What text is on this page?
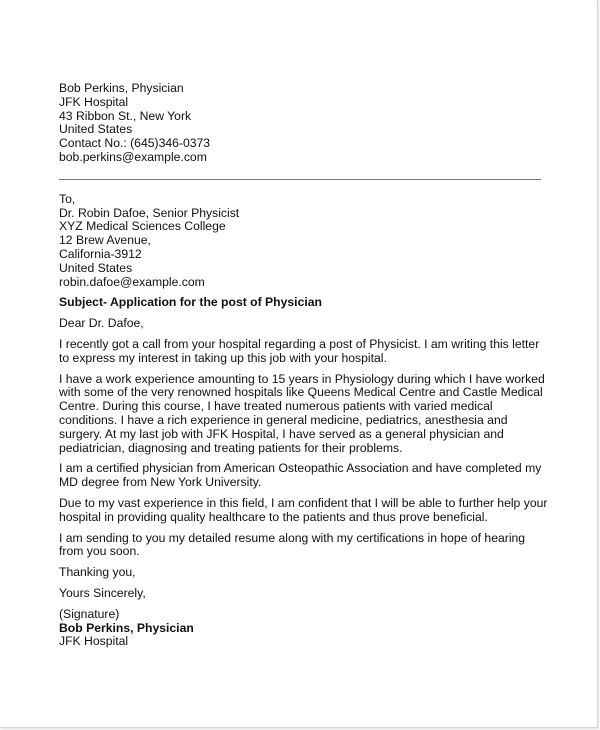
Bob Perkins, Physician
JFK Hospital
43 Ribbon St., New York
United States
Contact No.: (645)346-0373
bob.perkins@example.com
To,
Dr. Robin Dafoe, Senior Physicist
XYZ Medical Sciences College
12 Brew Avenue,
California-3912
United States
robin.dafoe@example.com
Subject- Application for the post of Physician
Dear Dr. Dafoe,
I recently got a call from your hospital regarding a post of Physicist. I am writing this letter
to express my interest in taking up this job with your hospital.
I have a work experience amounting to 15 years in Physiology during which I have worked
with some of the very renowned hospitals like Queens Medical Centre and Castle Medical
Centre. During this course, I have treated numerous patients with varied medical
conditions. I have a rich experience in general medicine, pediatrics, anesthesia and
surgery. At my last job with JFK Hospital, I have served as a general physician and
pediatrician, diagnosing and treating patients for their problems.
I am a certified physician from American Osteopathic Association and have completed my
MD degree from New York University.
Due to my vast experience in this field, I am confident that I will be able to further help your
hospital in providing quality healthcare to the patients and thus prove beneficial.
I am sending to you my detailed resume along with my certifications in hope of hearing
from you soon.
Thanking you,
Yours Sincerely,
(Signature)
Bob Perkins, Physician
JFK Hospital
